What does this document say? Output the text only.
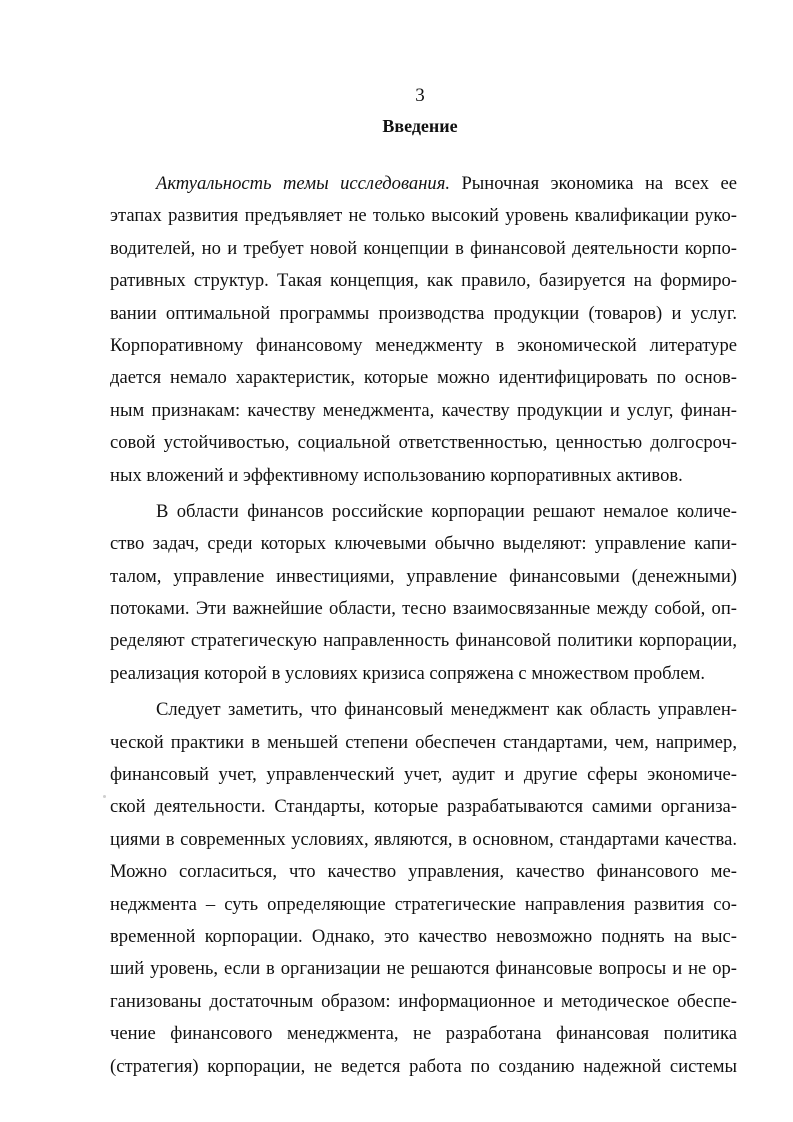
3
Введение
Актуальность темы исследования. Рыночная экономика на всех ее
этапах развития предъявляет не только высокий уровень квалификации руко-
водителей, но и требует новой концепции в финансовой деятельности корпо-
ративных структур. Такая концепция, как правило, базируется на формиро-
вании оптимальной программы производства продукции (товаров) и услуг.
Корпоративному финансовому менеджменту в экономической литературе
дается немало характеристик, которые можно идентифицировать по основ-
ным признакам: качеству менеджмента, качеству продукции и услуг, финан-
совой устойчивостью, социальной ответственностью, ценностью долгосроч-
ных вложений и эффективному использованию корпоративных активов.
В области финансов российские корпорации решают немалое количе-
ство задач, среди которых ключевыми обычно выделяют: управление капи-
талом, управление инвестициями, управление финансовыми (денежными)
потоками. Эти важнейшие области, тесно взаимосвязанные между собой, оп-
ределяют стратегическую направленность финансовой политики корпорации,
реализация которой в условиях кризиса сопряжена с множеством проблем.
Следует заметить, что финансовый менеджмент как область управлен-
ческой практики в меньшей степени обеспечен стандартами, чем, например,
финансовый учет, управленческий учет, аудит и другие сферы экономиче-
ской деятельности. Стандарты, которые разрабатываются самими организа-
циями в современных условиях, являются, в основном, стандартами качества.
Можно согласиться, что качество управления, качество финансового ме-
неджмента – суть определяющие стратегические направления развития со-
временной корпорации. Однако, это качество невозможно поднять на выс-
ший уровень, если в организации не решаются финансовые вопросы и не ор-
ганизованы достаточным образом: информационное и методическое обеспе-
чение финансового менеджмента, не разработана финансовая политика
(стратегия) корпорации, не ведется работа по созданию надежной системы
